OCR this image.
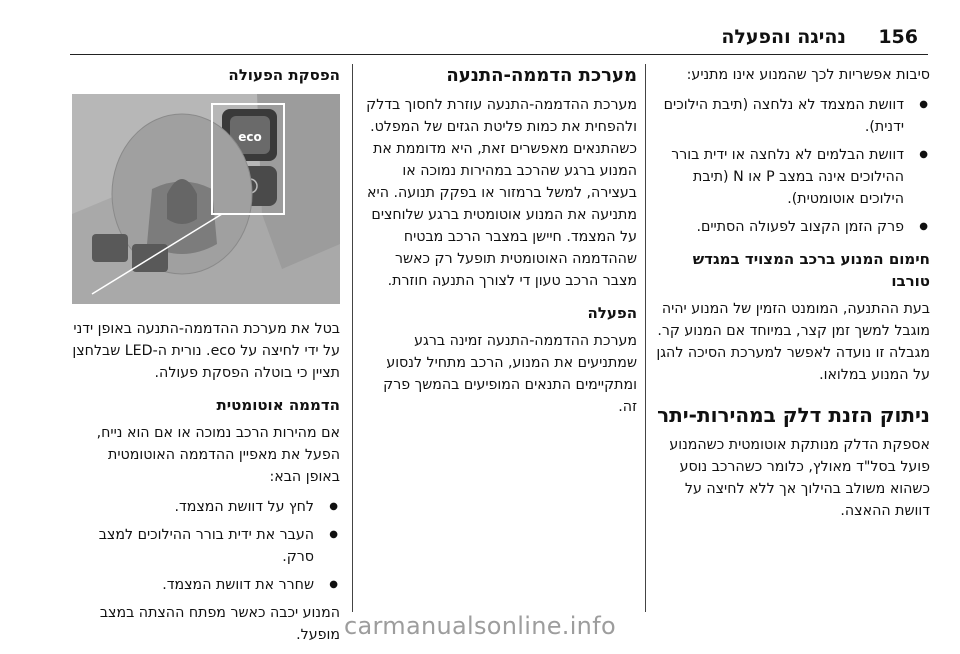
156
נהיגה והפעלה

סיבות אפשריות לכך שהמנוע אינו מתניע:

● דוושת המצמד לא נלחצה (תיבת הילוכים ידנית).
● דוושת הבלמים לא נלחצה או ידית בורר ההילוכים אינה במצב P או N (תיבת הילוכים אוטומטית).
● פרק הזמן הקצוב לפעולה הסתיים.
חימום המנוע ברכב המצויד במגדש טורבו

בעת ההתנעה, המומנט הזמין של המנוע יהיה מוגבל למשך זמן קצר, במיוחד אם המנוע קר. מגבלה זו נועדה לאפשר למערכת הסיכה להגן על המנוע במלואו.

ניתוק הזנת דלק במהירות-יתר

אספקת הדלק מנותקת אוטומטית כשהמנוע פועל בסל"ד מאולץ, כלומר כשהרכב נוסע כשהוא משולב בהילוך אך ללא לחיצה על דוושת ההאצה.

מערכת הדממה-התנעה

מערכת ההדממה-התנעה עוזרת לחסוך בדלק ולהפחית את כמות פליטת הגזים של המפלט. כשהתנאים מאפשרים זאת, היא מדוממת את המנוע ברגע שהרכב במהירות נמוכה או בעצירה, למשל ברמזור או בפקק תנועה. היא מתניעה את המנוע אוטומטית ברגע שלוחצים על המצמד. חיישן במצבר הרכב מבטיח שההדממה האוטומטית תופעל רק כאשר מצבר הרכב טעון די לצורך התנעה חוזרת.

הפעלה

מערכת ההדממה-התנעה זמינה ברגע שמתניעים את המנוע, הרכב מתחיל לנסוע ומתקיימים התנאים המופיעים בהמשך פרק זה.

הפסקת הפעולה
eco

בטל את מערכת ההדממה-התנעה באופן ידני על ידי לחיצה על eco. נורית ה-LED שבלחצן תציין כי בוטלה הפסקת פעולה.

הדממה אוטומטית

אם מהירות הרכב נמוכה או אם הוא נייח, הפעל את מאפיין ההדממה האוטומטית באופן הבא:

● לחץ על דוושת המצמד.
● העבר את ידית בורר ההילוכים למצב סרק.
● שחרר את דוושת המצמד.

המנוע יכבה כאשר מפתח ההצתה במצב מופעל. carmanualsonline.info
